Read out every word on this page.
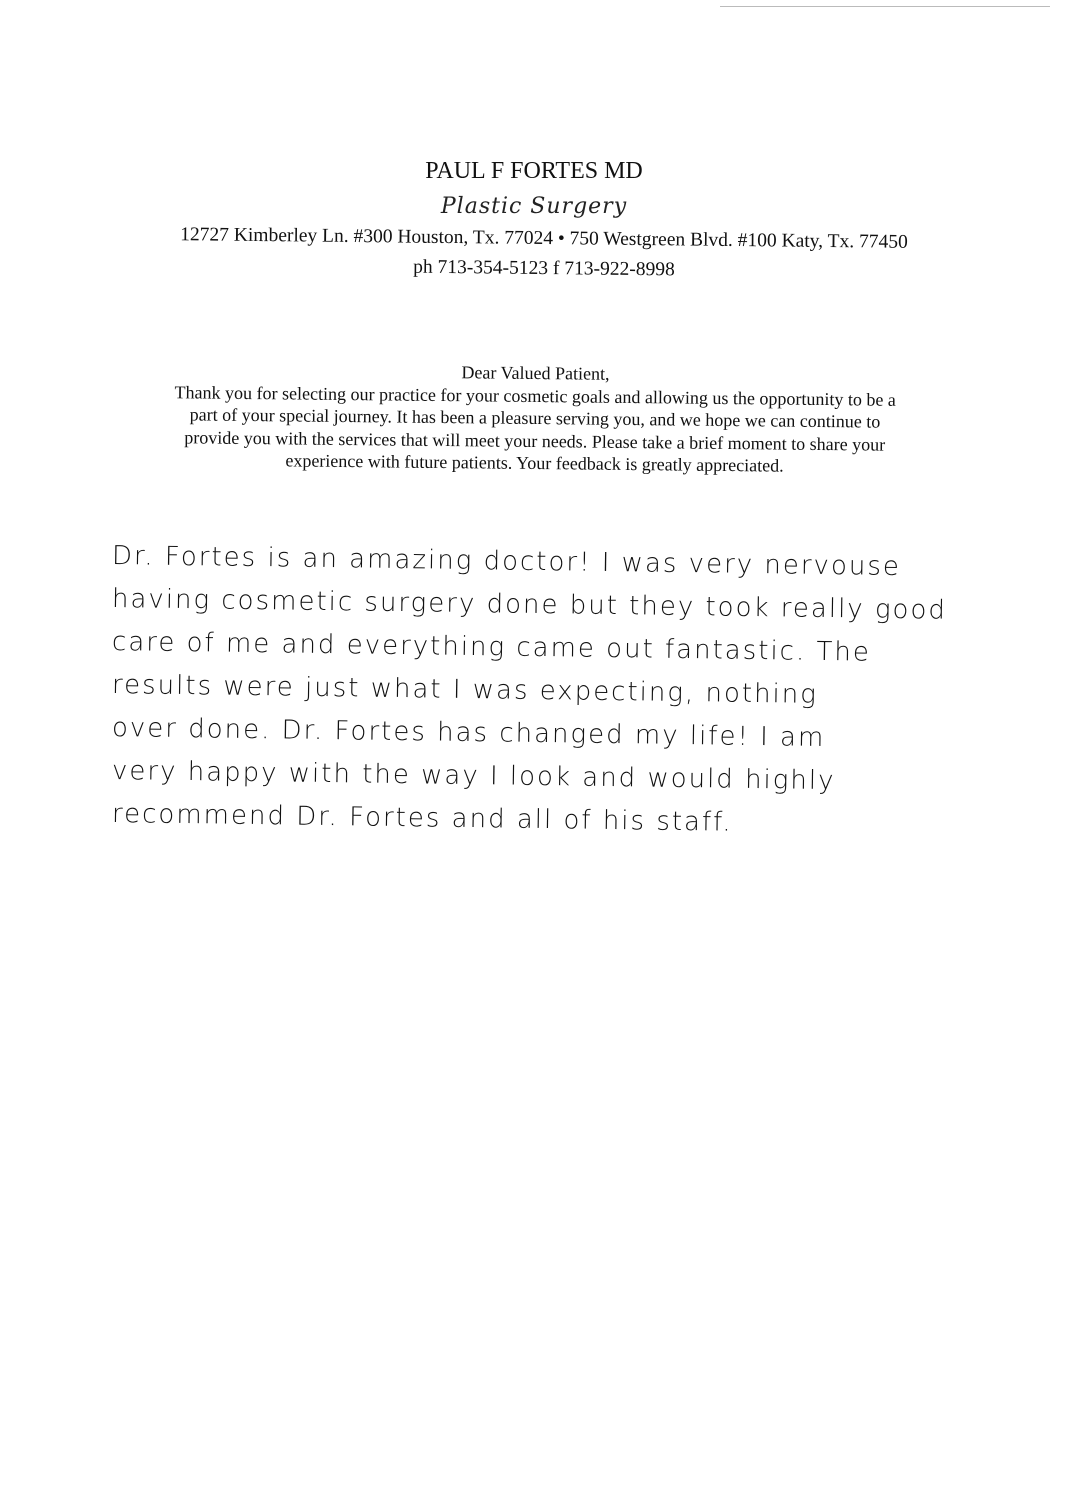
PAUL F FORTES MD
Plastic Surgery
12727 Kimberley Ln. #300 Houston, Tx. 77024 • 750 Westgreen Blvd. #100 Katy, Tx. 77450
ph 713-354-5123 f 713-922-8998
Dear Valued Patient,
Thank you for selecting our practice for your cosmetic goals and allowing us the opportunity to be a
part of your special journey. It has been a pleasure serving you, and we hope we can continue to
provide you with the services that will meet your needs. Please take a brief moment to share your
experience with future patients. Your feedback is greatly appreciated.
Dr. Fortes is an amazing doctor! I was very nervouse
having cosmetic surgery done but they took really good
care of me and everything came out fantastic. The
results were just what I was expecting, nothing
over done. Dr. Fortes has changed my life! I am
very happy with the way I look and would highly
recommend Dr. Fortes and all of his staff.
